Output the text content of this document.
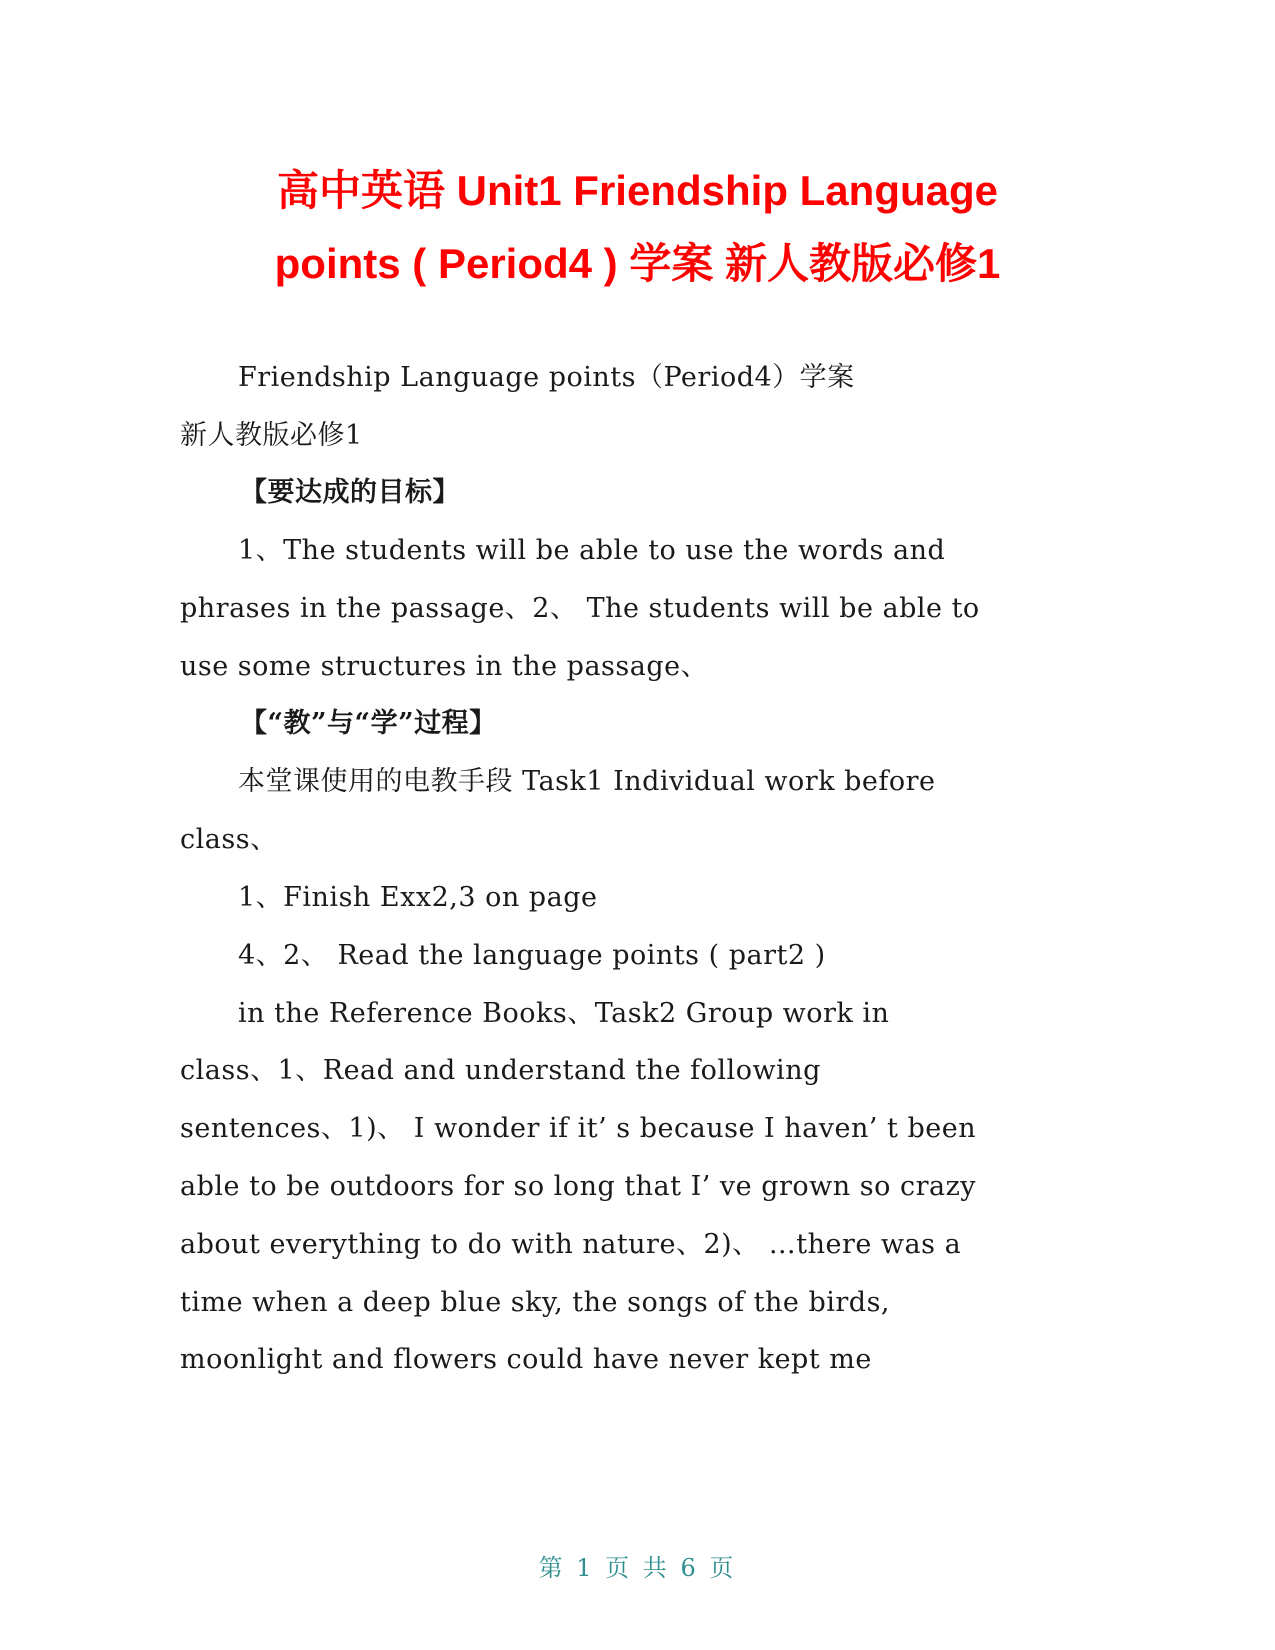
高中英语 Unit1 Friendship Language
points ( Period4 ) 学案 新人教版必修1
Friendship Language points（Period4）学案
新人教版必修1
【要达成的目标】
1、The students will be able to use the words and
phrases in the passage、2、 The students will be able to
use some structures in the passage、
【“教”与“学”过程】
本堂课使用的电教手段 Task1 Individual work before
class、
1、Finish Exx2,3 on page
4、2、 Read the language points ( part2 )
in the Reference Books、Task2 Group work in
class、1、Read and understand the following
sentences、1)、 I wonder if it’ s because I haven’ t been
able to be outdoors for so long that I’ ve grown so crazy
about everything to do with nature、2)、 …there was a
time when a deep blue sky, the songs of the birds,
moonlight and flowers could have never kept me
第 1 页 共 6 页
